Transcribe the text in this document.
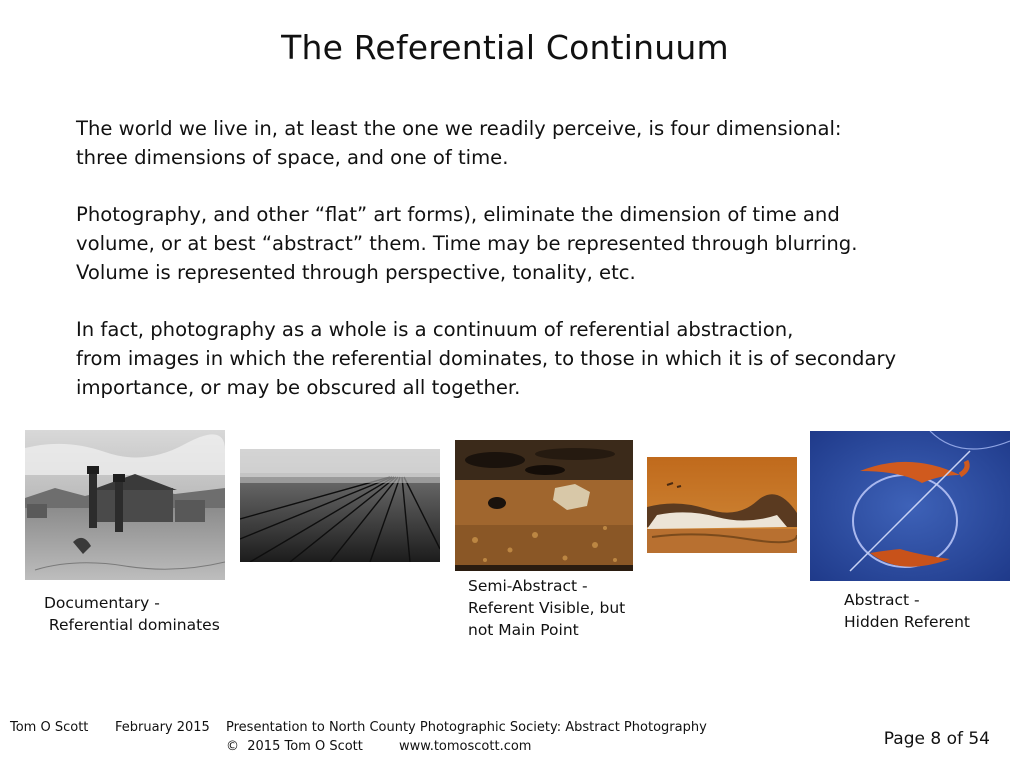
The Referential Continuum

The world we live in, at least the one we readily perceive, is four dimensional:
three dimensions of space, and one of time.

Photography, and other “flat” art forms), eliminate the dimension of time and
volume, or at best “abstract” them. Time may be represented through blurring.
Volume is represented through perspective, tonality, etc.

In fact, photography as a whole is a continuum of referential abstraction,
from images in which the referential dominates, to those in which it is of secondary
importance, or may be obscured all together.

Documentary -
Referential dominates
Semi-Abstract -
Referent Visible, but
not Main Point
Abstract -
Hidden Referent
Tom O Scott February 2015 Presentation to North County Photographic Society: Abstract Photography
©  2015 Tom O Scott	www.tomoscott.com	Page 8 of 54
